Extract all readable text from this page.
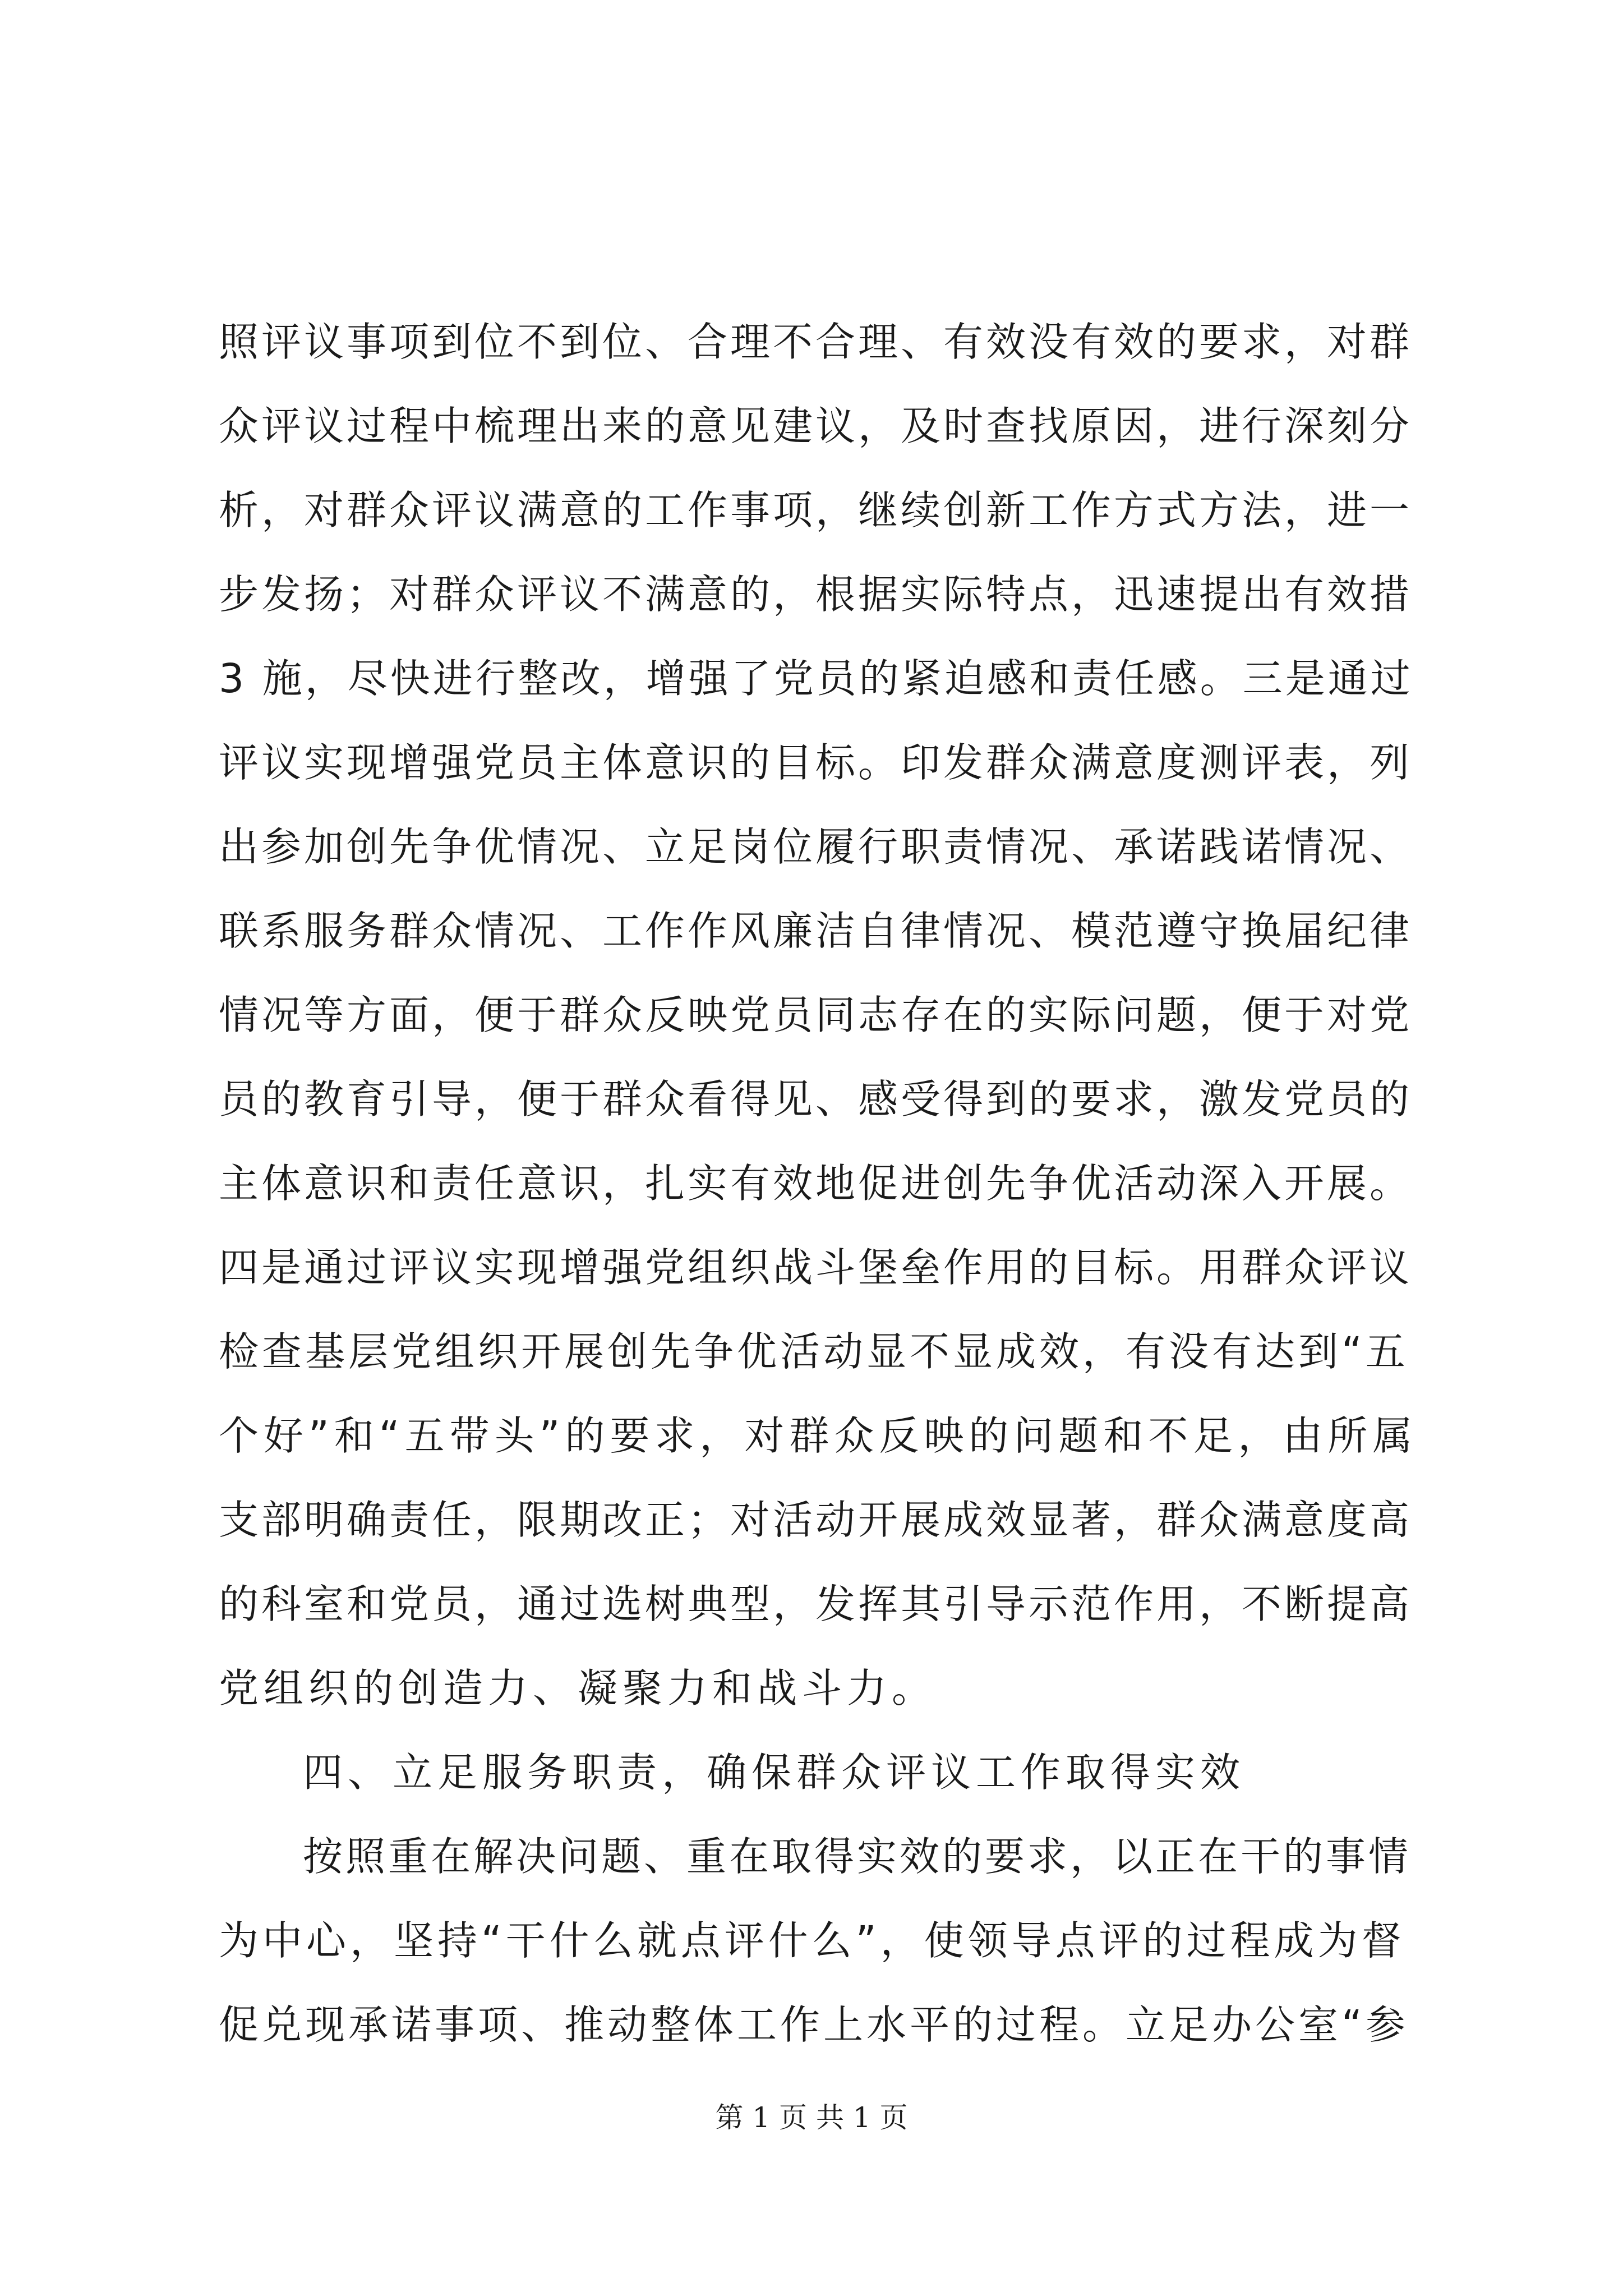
照评议事项到位不到位、合理不合理、有效没有效的要求，对群
众评议过程中梳理出来的意见建议，及时查找原因，进行深刻分
析，对群众评议满意的工作事项，继续创新工作方式方法，进一
步发扬；对群众评议不满意的，根据实际特点，迅速提出有效措
3 施，尽快进行整改，增强了党员的紧迫感和责任感。三是通过
评议实现增强党员主体意识的目标。印发群众满意度测评表，列
出参加创先争优情况、立足岗位履行职责情况、承诺践诺情况、
联系服务群众情况、工作作风廉洁自律情况、模范遵守换届纪律
情况等方面，便于群众反映党员同志存在的实际问题，便于对党
员的教育引导，便于群众看得见、感受得到的要求，激发党员的
主体意识和责任意识，扎实有效地促进创先争优活动深入开展。
四是通过评议实现增强党组织战斗堡垒作用的目标。用群众评议
检查基层党组织开展创先争优活动显不显成效，有没有达到“五
个好”和“五带头”的要求，对群众反映的问题和不足，由所属
支部明确责任，限期改正；对活动开展成效显著，群众满意度高
的科室和党员，通过选树典型，发挥其引导示范作用，不断提高
党组织的创造力、凝聚力和战斗力。
四、立足服务职责，确保群众评议工作取得实效
按照重在解决问题、重在取得实效的要求，以正在干的事情
为中心，坚持“干什么就点评什么”，使领导点评的过程成为督
促兑现承诺事项、推动整体工作上水平的过程。立足办公室“参
第 1 页 共 1 页
